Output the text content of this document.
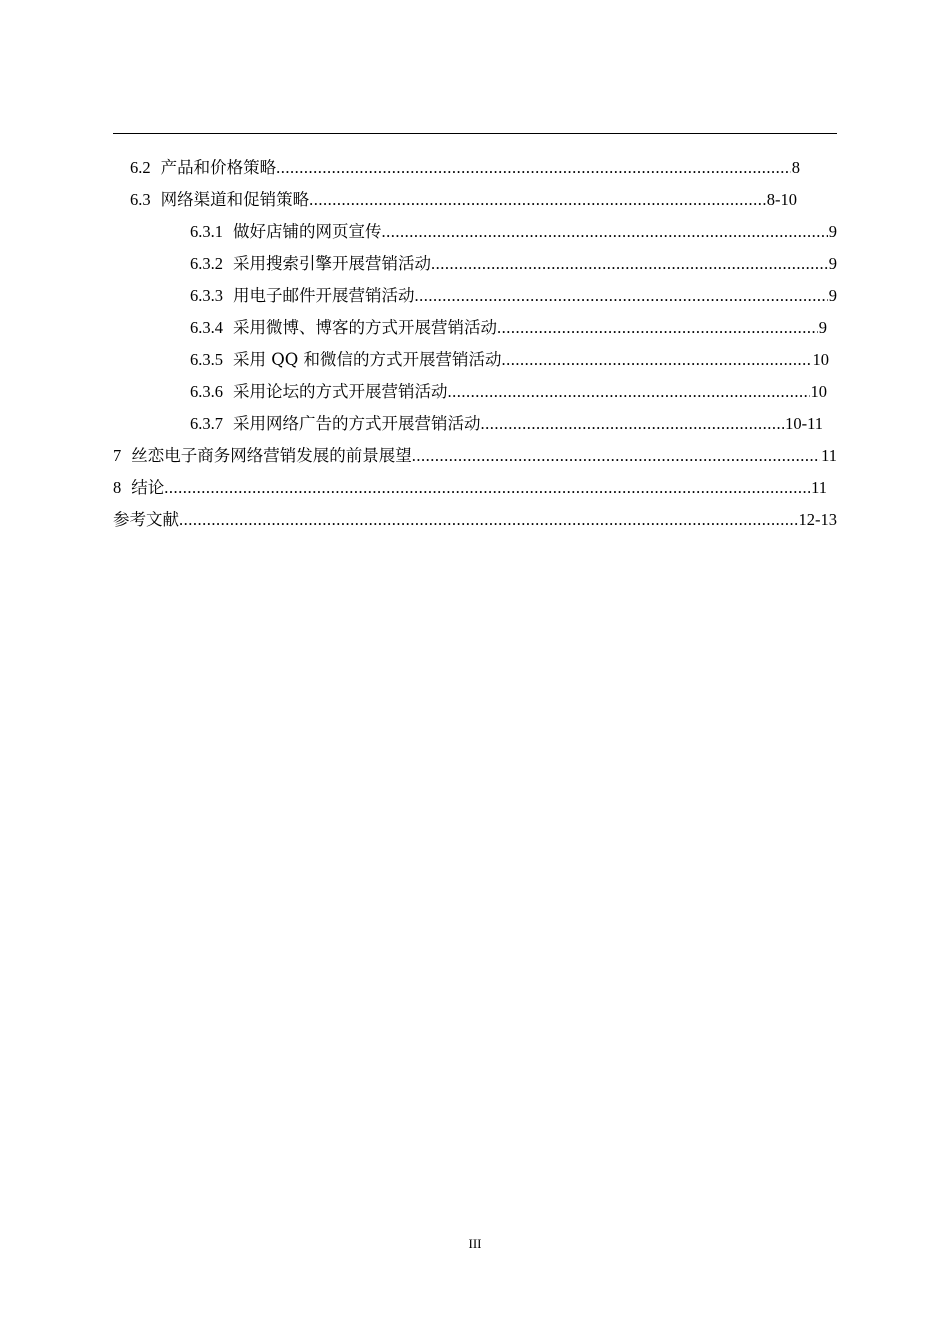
6.2 产品和价格策略 .....	8
6.3 网络渠道和促销策略 .....	8-10
6.3.1 做好店铺的网页宣传 .....	9
6.3.2 采用搜索引擎开展营销活动 .....	9
6.3.3 用电子邮件开展营销活动 .....	9
6.3.4 采用微博、博客的方式开展营销活动 .....	9
6.3.5 采用 QQ 和微信的方式开展营销活动 .....	10
6.3.6 采用论坛的方式开展营销活动 .....	10
6.3.7 采用网络广告的方式开展营销活动 .....	10-11
7 丝恋电子商务网络营销发展的前景展望 .....	11
8 结论 .....	11
参考文献 .....	12-13
III
